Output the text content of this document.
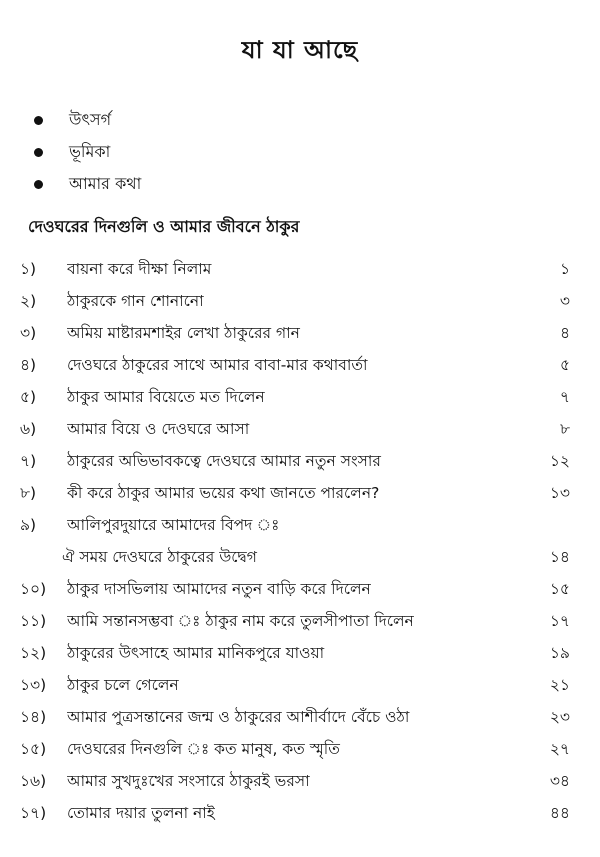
যা যা আছে
উৎসর্গ
ভূমিকা
আমার কথা
দেওঘরের দিনগুলি ও আমার জীবনে ঠাকুর
১)	বায়না করে দীক্ষা নিলাম	১
২)	ঠাকুরকে গান শোনানো	৩
৩)	অমিয় মাষ্টারমশাইর লেখা ঠাকুরের গান	৪
৪)	দেওঘরে ঠাকুরের সাথে আমার বাবা-মার কথাবার্তা	৫
৫)	ঠাকুর আমার বিয়েতে মত দিলেন	৭
৬)	আমার বিয়ে ও দেওঘরে আসা	৮
৭)	ঠাকুরের অভিভাবকত্বে দেওঘরে আমার নতুন সংসার	১২
৮)	কী করে ঠাকুর আমার ভয়ের কথা জানতে পারলেন?	১৩
৯)	আলিপুরদুয়ারে আমাদের বিপদ ঃ
ঐ সময় দেওঘরে ঠাকুরের উদ্বেগ	১৪
১০)	ঠাকুর দাসভিলায় আমাদের নতুন বাড়ি করে দিলেন	১৫
১১)	আমি সন্তানসম্ভবা ঃ ঠাকুর নাম করে তুলসীপাতা দিলেন	১৭
১২)	ঠাকুরের উৎসাহে আমার মানিকপুরে যাওয়া	১৯
১৩)	ঠাকুর চলে গেলেন	২১
১৪)	আমার পুত্রসন্তানের জন্ম ও ঠাকুরের আশীর্বাদে বেঁচে ওঠা	২৩
১৫)	দেওঘরের দিনগুলি ঃ কত মানুষ, কত স্মৃতি	২৭
১৬)	আমার সুখদুঃখের সংসারে ঠাকুরই ভরসা	৩৪
১৭)	তোমার দয়ার তুলনা নাই	৪৪
